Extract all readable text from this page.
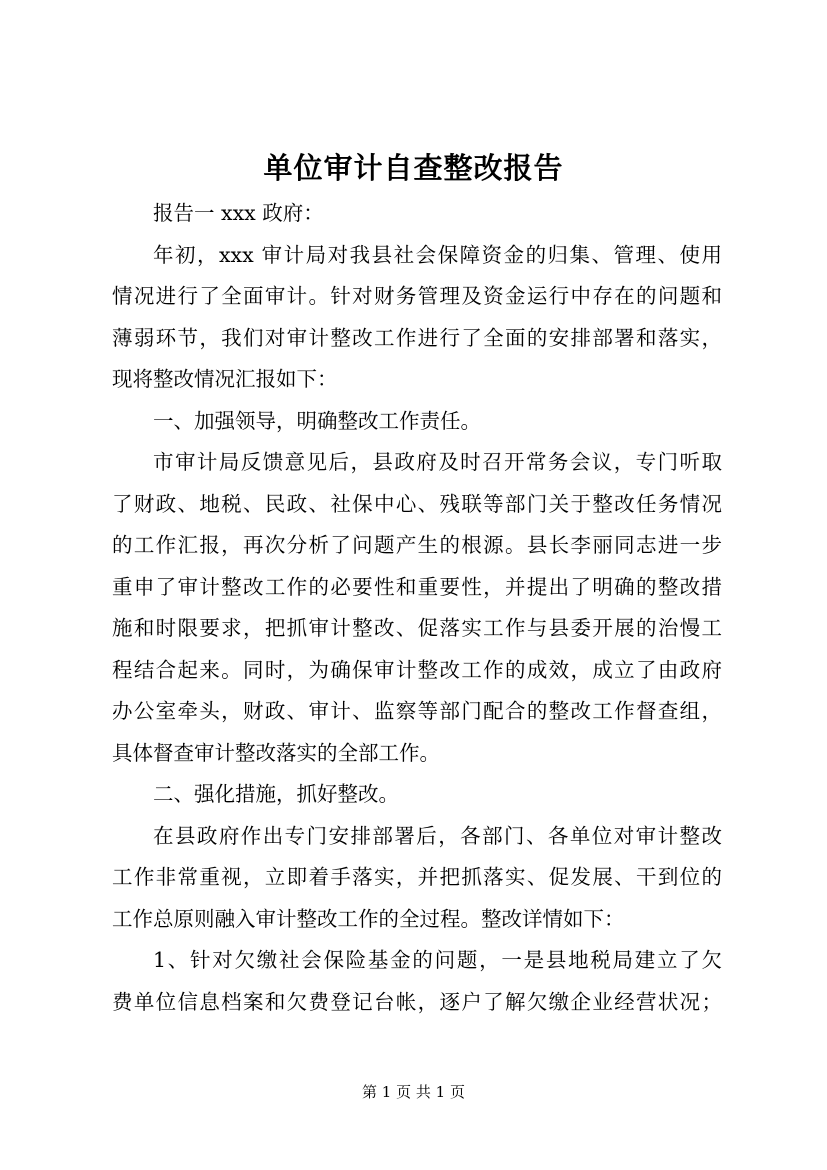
单位审计自查整改报告
报告一 xxx 政府：
年初，xxx 审计局对我县社会保障资金的归集、管理、使用
情况进行了全面审计。针对财务管理及资金运行中存在的问题和
薄弱环节，我们对审计整改工作进行了全面的安排部署和落实，
现将整改情况汇报如下：
一、加强领导，明确整改工作责任。
市审计局反馈意见后，县政府及时召开常务会议，专门听取
了财政、地税、民政、社保中心、残联等部门关于整改任务情况
的工作汇报，再次分析了问题产生的根源。县长李丽同志进一步
重申了审计整改工作的必要性和重要性，并提出了明确的整改措
施和时限要求，把抓审计整改、促落实工作与县委开展的治慢工
程结合起来。同时，为确保审计整改工作的成效，成立了由政府
办公室牵头，财政、审计、监察等部门配合的整改工作督查组，
具体督查审计整改落实的全部工作。
二、强化措施，抓好整改。
在县政府作出专门安排部署后，各部门、各单位对审计整改
工作非常重视，立即着手落实，并把抓落实、促发展、干到位的
工作总原则融入审计整改工作的全过程。整改详情如下：
1、针对欠缴社会保险基金的问题，一是县地税局建立了欠
费单位信息档案和欠费登记台帐，逐户了解欠缴企业经营状况；
第 1 页 共 1 页
